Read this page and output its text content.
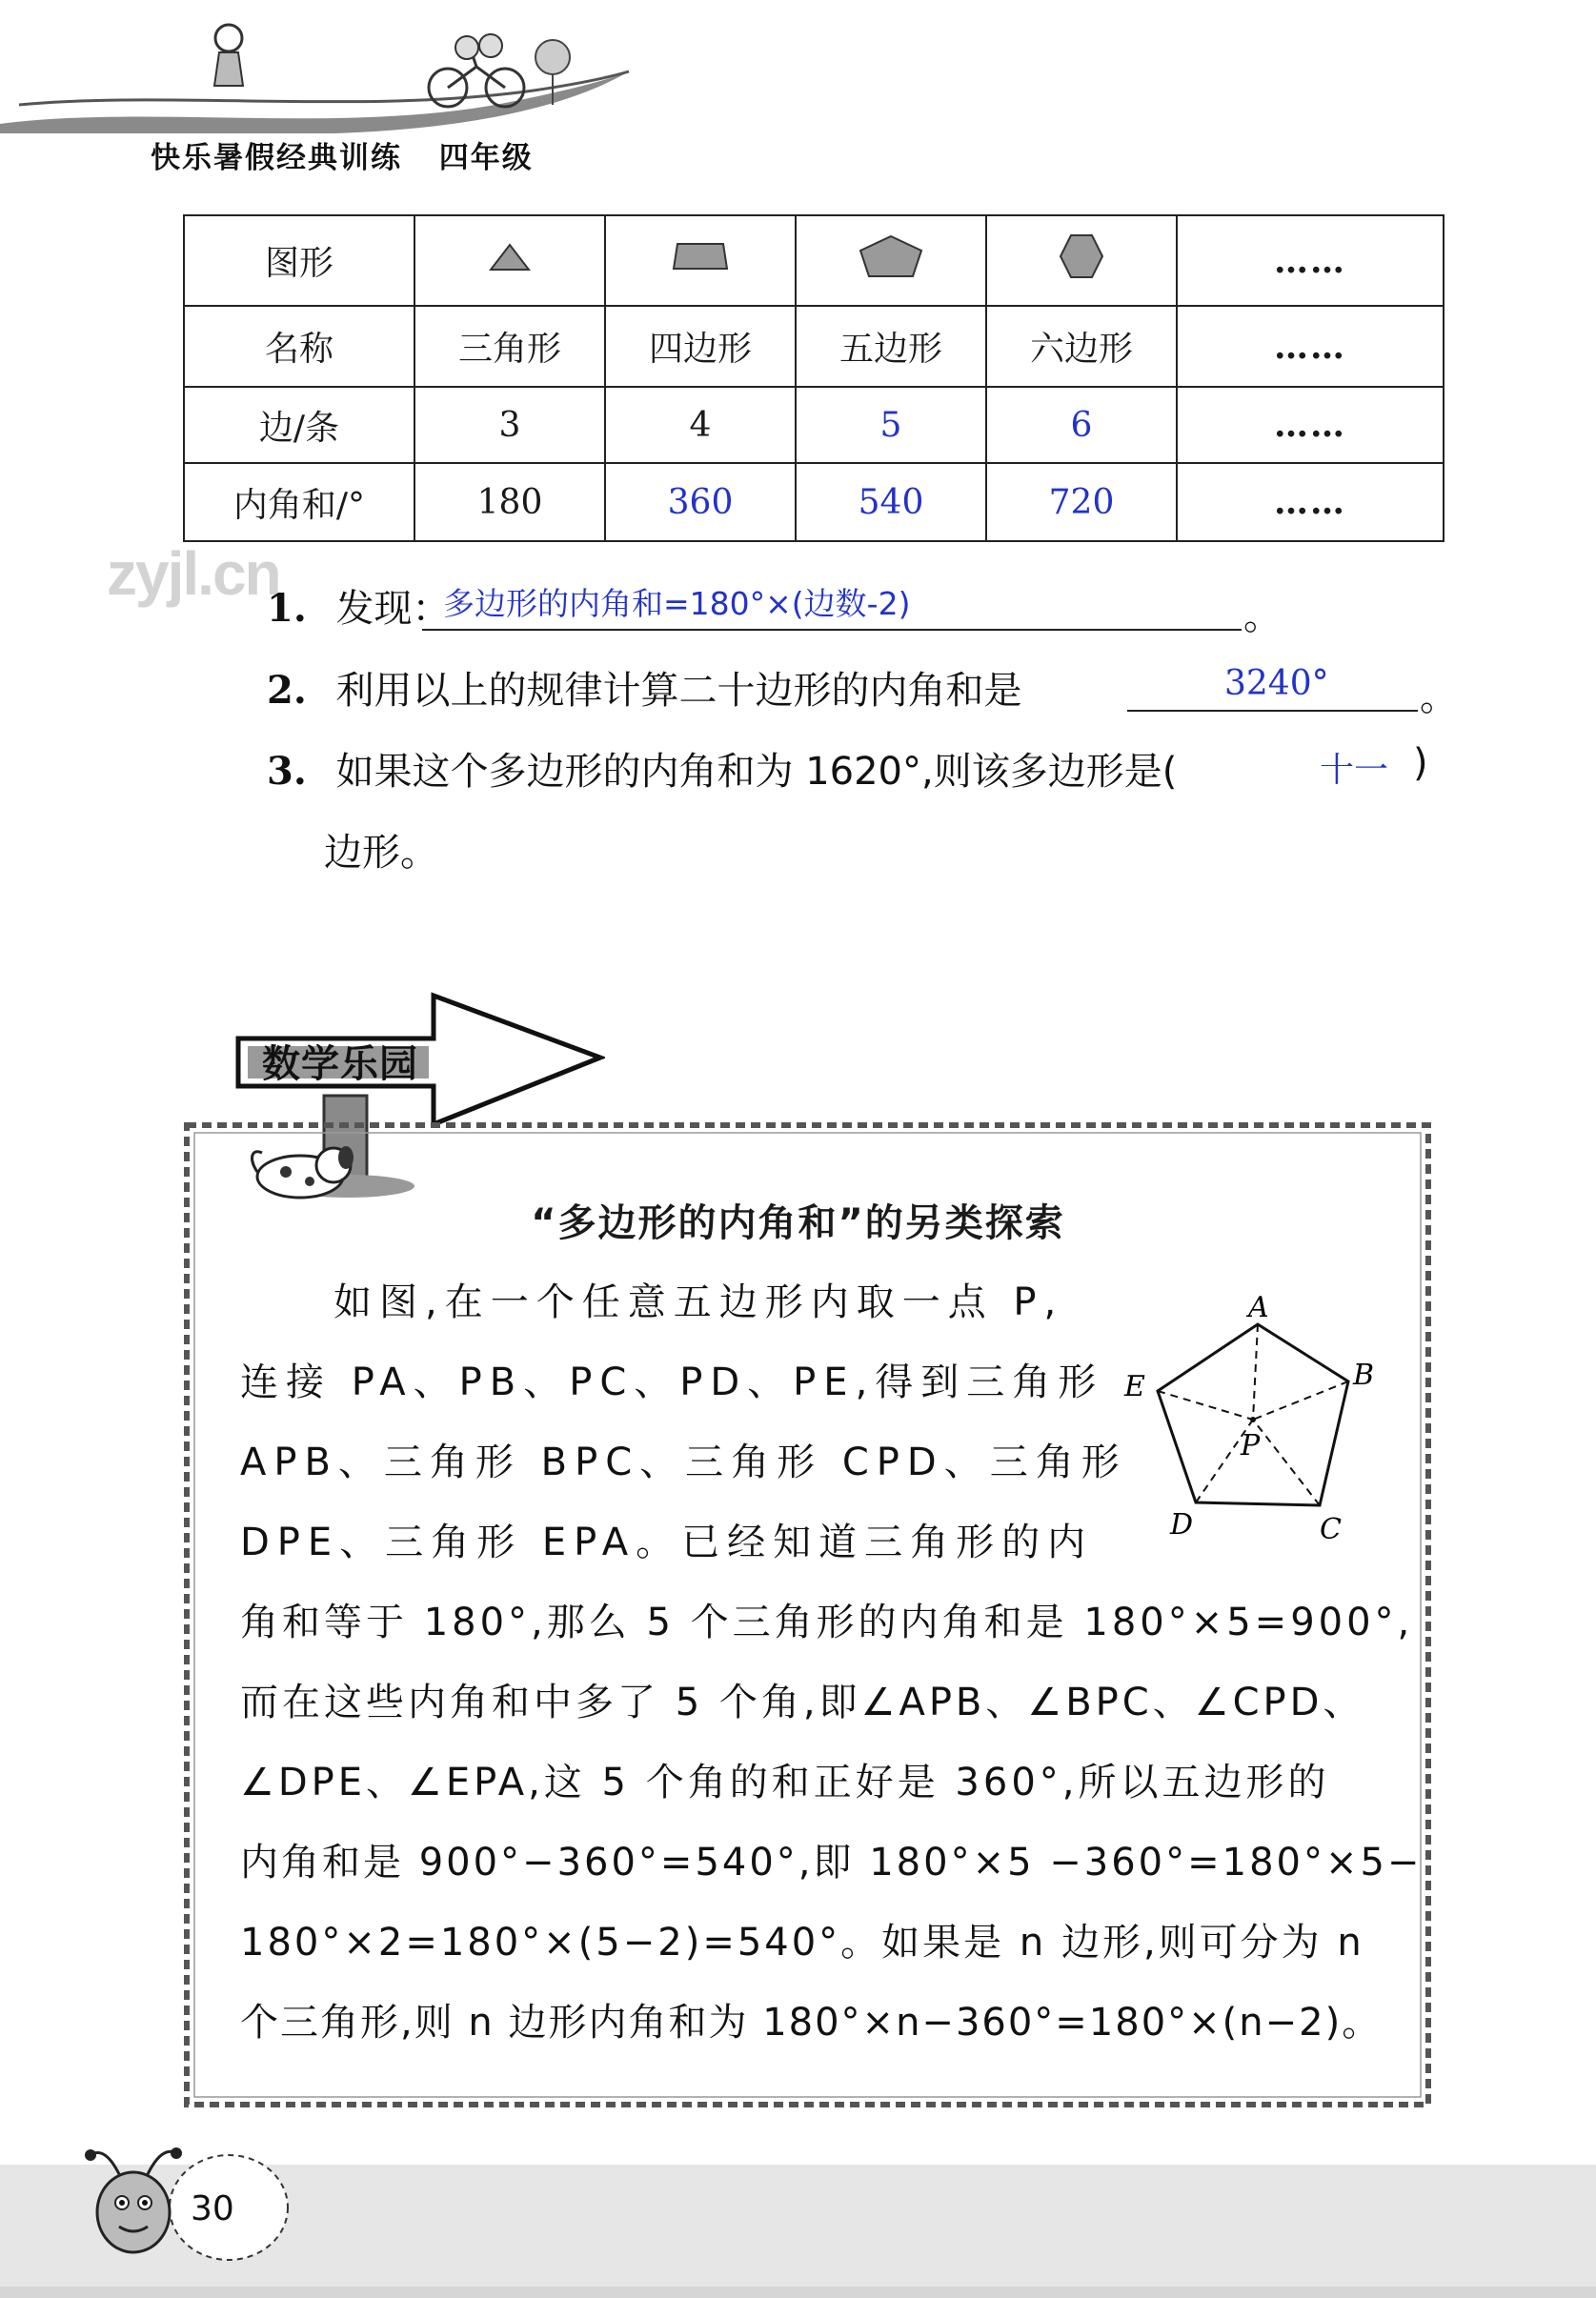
快乐暑假经典训练 四年级
图形					……
名称	三角形	四边形	五边形	六边形	……
边/条	3	4	5	6	……
内角和/°	180	360	540	720	……
zyjl.cn
1. 发现：
多边形的内角和=180°×(边数-2)	。
2. 利用以上的规律计算二十边形的内角和是	3240° 。
3. 如果这个多边形的内角和为 1620°,则该多边形是(	十一 )
边形。
数学乐园
“多边形的内角和”的另类探索
如图,在一个任意五边形内取一点 P,
连接 PA、PB、PC、PD、PE,得到三角形
APB、三角形 BPC、三角形 CPD、三角形
DPE、三角形 EPA。已经知道三角形的内
角和等于 180°,那么 5 个三角形的内角和是 180°×5=900°,
而在这些内角和中多了 5 个角,即∠APB、∠BPC、∠CPD、
∠DPE、∠EPA,这 5 个角的和正好是 360°,所以五边形的
内角和是 900°−360°=540°,即 180°×5 −360°=180°×5−
180°×2=180°×(5−2)=540°。如果是 n 边形,则可分为 n
个三角形,则 n 边形内角和为 180°×n−360°=180°×(n−2)。
A
B
C
D
E
P
30
